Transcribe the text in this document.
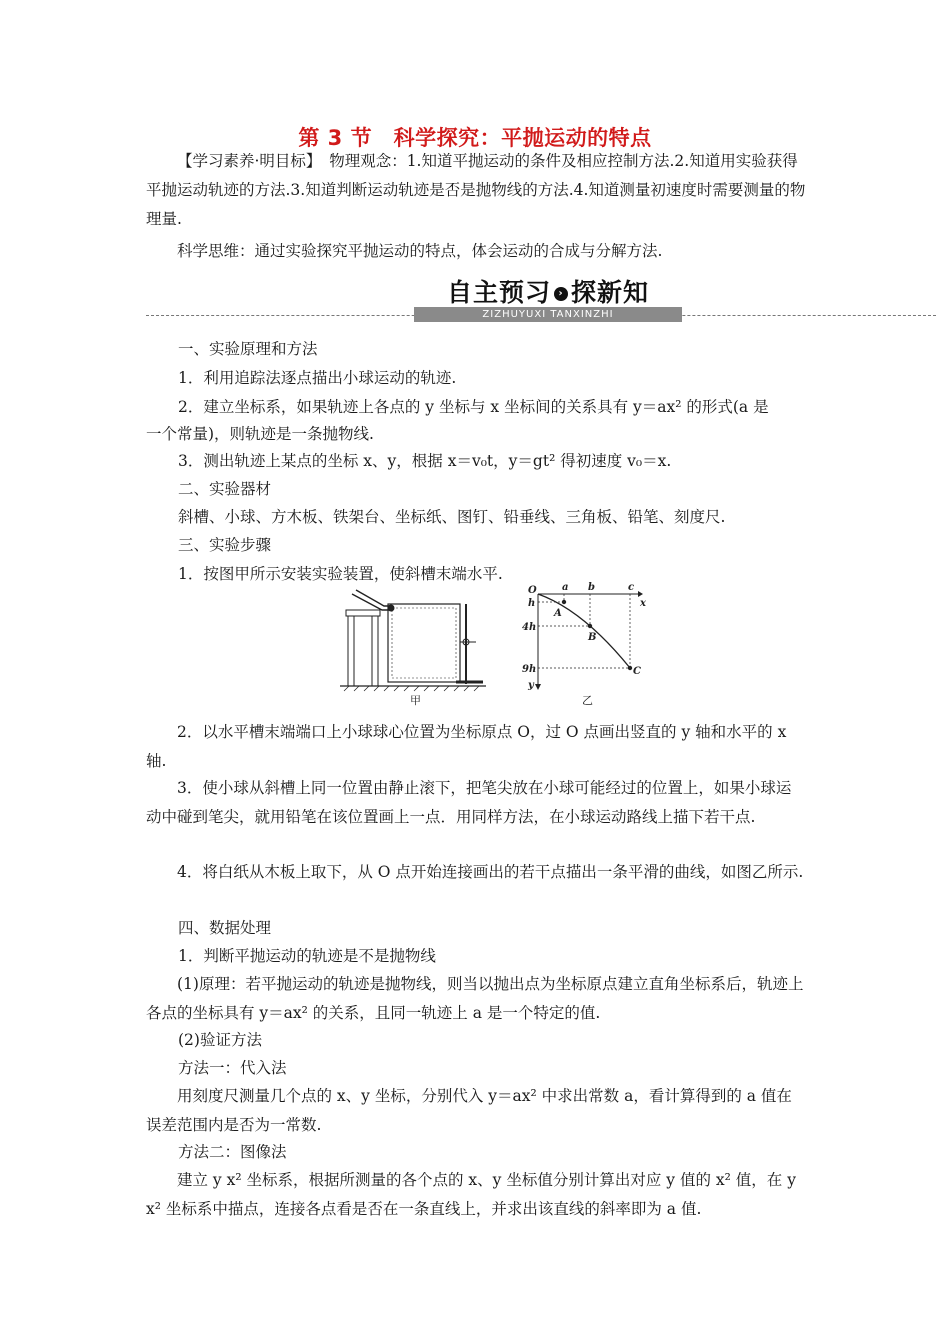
第 3 节　科学探究：平抛运动的特点

【学习素养·明目标】　物理观念：1.知道平抛运动的条件及相应控制方法.2.知道用实验获得平抛运动轨迹的方法.3.知道判断运动轨迹是否是抛物线的方法.4.知道测量初速度时需要测量的物理量.

科学思维：通过实验探究平抛运动的特点，体会运动的合成与分解方法.

自主预习 › 探新知
ZIZHUYUXI TANXINZHI

一、实验原理和方法

1．利用追踪法逐点描出小球运动的轨迹.

2．建立坐标系，如果轨迹上各点的 y 坐标与 x 坐标间的关系具有 y＝ax² 的形式(a 是

一个常量)，则轨迹是一条抛物线.

3．测出轨迹上某点的坐标 x、y，根据 x＝v₀t，y＝gt² 得初速度 v₀＝x.

二、实验器材

斜槽、小球、方木板、铁架台、坐标纸、图钉、铅垂线、三角板、铅笔、刻度尺.

三、实验步骤

1．按图甲所示安装实验装置，使斜槽末端水平.

甲
O	a b	c
x
h
4h
9h
y
A
B
C
乙

2．以水平槽末端端口上小球球心位置为坐标原点 O，过 O 点画出竖直的 y 轴和水平的 x 轴.

3．使小球从斜槽上同一位置由静止滚下，把笔尖放在小球可能经过的位置上，如果小球运动中碰到笔尖，就用铅笔在该位置画上一点．用同样方法，在小球运动路线上描下若干点.

4．将白纸从木板上取下，从 O 点开始连接画出的若干点描出一条平滑的曲线，如图乙所示.

四、数据处理

1．判断平抛运动的轨迹是不是抛物线

(1)原理：若平抛运动的轨迹是抛物线，则当以抛出点为坐标原点建立直角坐标系后，轨迹上各点的坐标具有 y＝ax² 的关系，且同一轨迹上 a 是一个特定的值.

(2)验证方法

方法一：代入法

用刻度尺测量几个点的 x、y 坐标，分别代入 y＝ax² 中求出常数 a，看计算得到的 a 值在误差范围内是否为一常数.

方法二：图像法

建立 y x² 坐标系，根据所测量的各个点的 x、y 坐标值分别计算出对应 y 值的 x² 值，在 y x² 坐标系中描点，连接各点看是否在一条直线上，并求出该直线的斜率即为 a 值.
